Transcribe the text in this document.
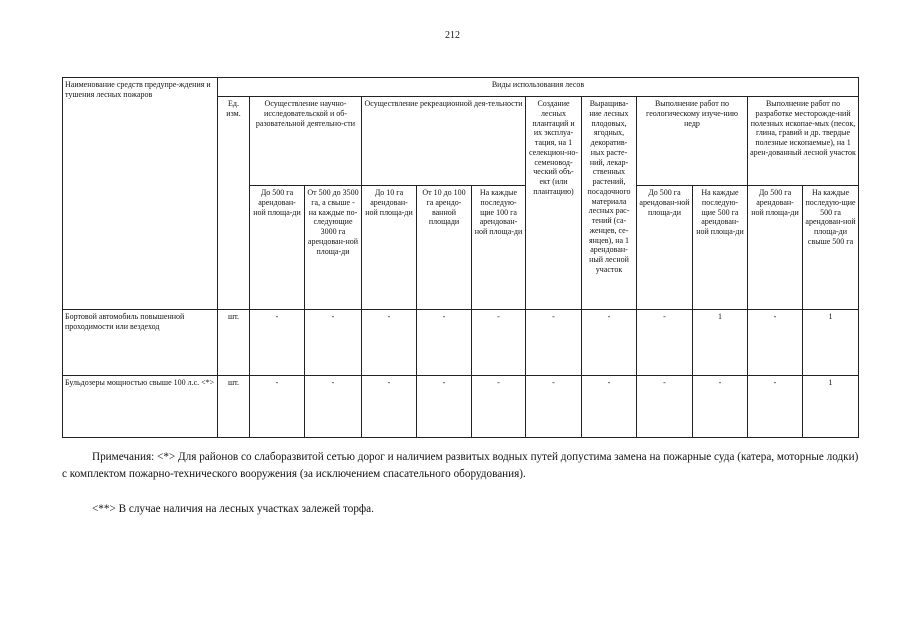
212
Наименование средств предупре-ждения и тушения лесных пожаров	Виды использования лесов											
	Ед. изм.	Осуществление научно-исследовательской и об-разовательной деятельно-сти		Осуществление рекреационной дея-тельности			Создание лесных плантаций и их эксплуа-тация, на 1 селекцион-но-семеновод-ческий объ-ект (или плантацию)	Выращива-ние лесных плодовых, ягодных, декоратив-ных расте-ний, лекар-ственных растений, посадочного материала лесных рас-тений (са-женцев, се-янцев), на 1 арендован-ный лесной участок	Выполнение работ по геологическому изуче-нию недр		Выполнение работ по разработке месторожде-ний полезных ископае-мых (песок, глина, гравий и др. твердые полезные ископаемые), на 1 арен-дованный лесной участок	
		До 500 га арендован-ной площа-ди	От 500 до 3500 га, а свыше - на каждые по-следующие 3000 га арендован-ной площа-ди	До 10 га арендован-ной площа-ди	От 10 до 100 га арендо-ванной площади	На каждые последую-щие 100 га арендован-ной площа-ди			До 500 га арендован-ной площа-ди	На каждые последую-щие 500 га арендован-ной площа-ди	До 500 га арендован-ной площа-ди	На каждые последую-щие 500 га арендован-ной площа-ди свыше 500 га
Бортовой автомобиль повышенной проходимости или вездеход	шт.	-	-	-	-	-	-	-	-	1	-	1
Бульдозеры мощностью свыше 100 л.с. <*>	шт.	-	-	-	-	-	-	-	-	-	-	1

Примечания: <*> Для районов со слаборазвитой сетью дорог и наличием развитых водных путей допустима замена на пожарные суда (катера, моторные лодки) с комплектом пожарно-технического вооружения (за исключением спасательного оборудования).

<**> В случае наличия на лесных участках залежей торфа.
